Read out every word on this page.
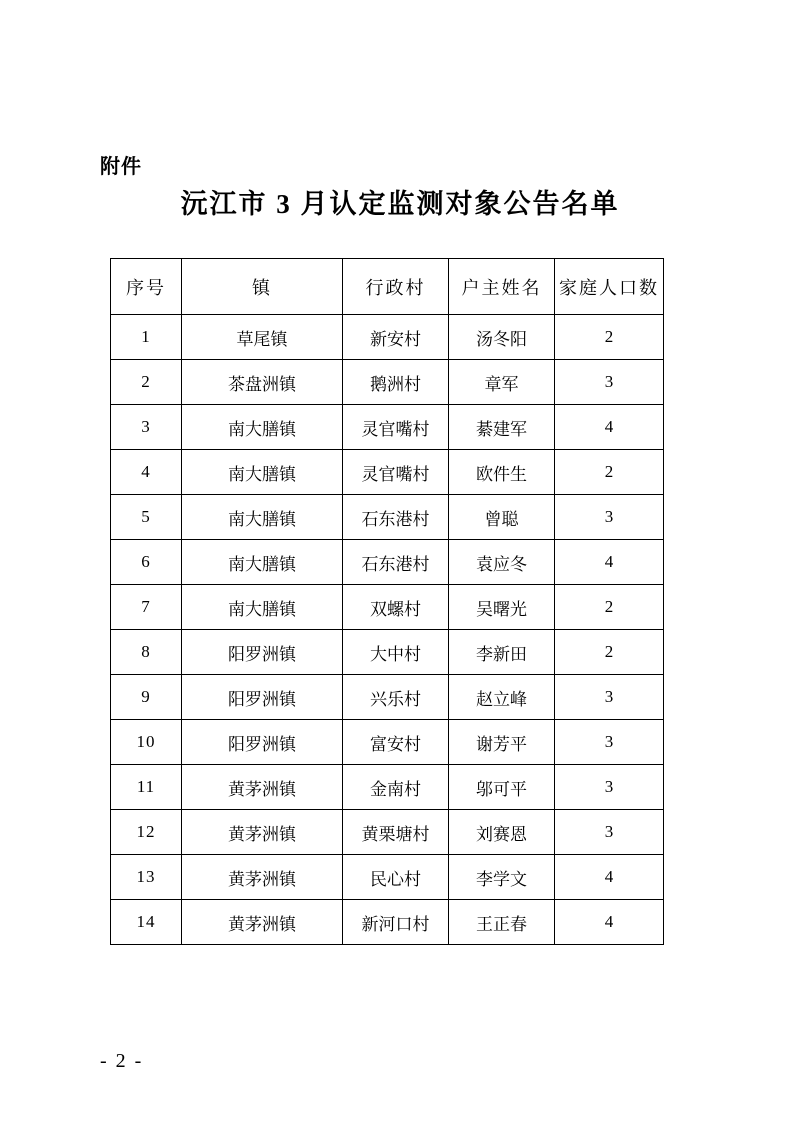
附件
沅江市 3 月认定监测对象公告名单
序号	镇	行政村	户主姓名	家庭人口数
1	草尾镇	新安村	汤冬阳	2
2	茶盘洲镇	鹅洲村	章军	3
3	南大膳镇	灵官嘴村	綦建军	4
4	南大膳镇	灵官嘴村	欧件生	2
5	南大膳镇	石东港村	曾聪	3
6	南大膳镇	石东港村	袁应冬	4
7	南大膳镇	双螺村	吴曙光	2
8	阳罗洲镇	大中村	李新田	2
9	阳罗洲镇	兴乐村	赵立峰	3
10	阳罗洲镇	富安村	谢芳平	3
11	黄茅洲镇	金南村	邬可平	3
12	黄茅洲镇	黄栗塘村	刘赛恩	3
13	黄茅洲镇	民心村	李学文	4
14	黄茅洲镇	新河口村	王正春	4
- 2 -
